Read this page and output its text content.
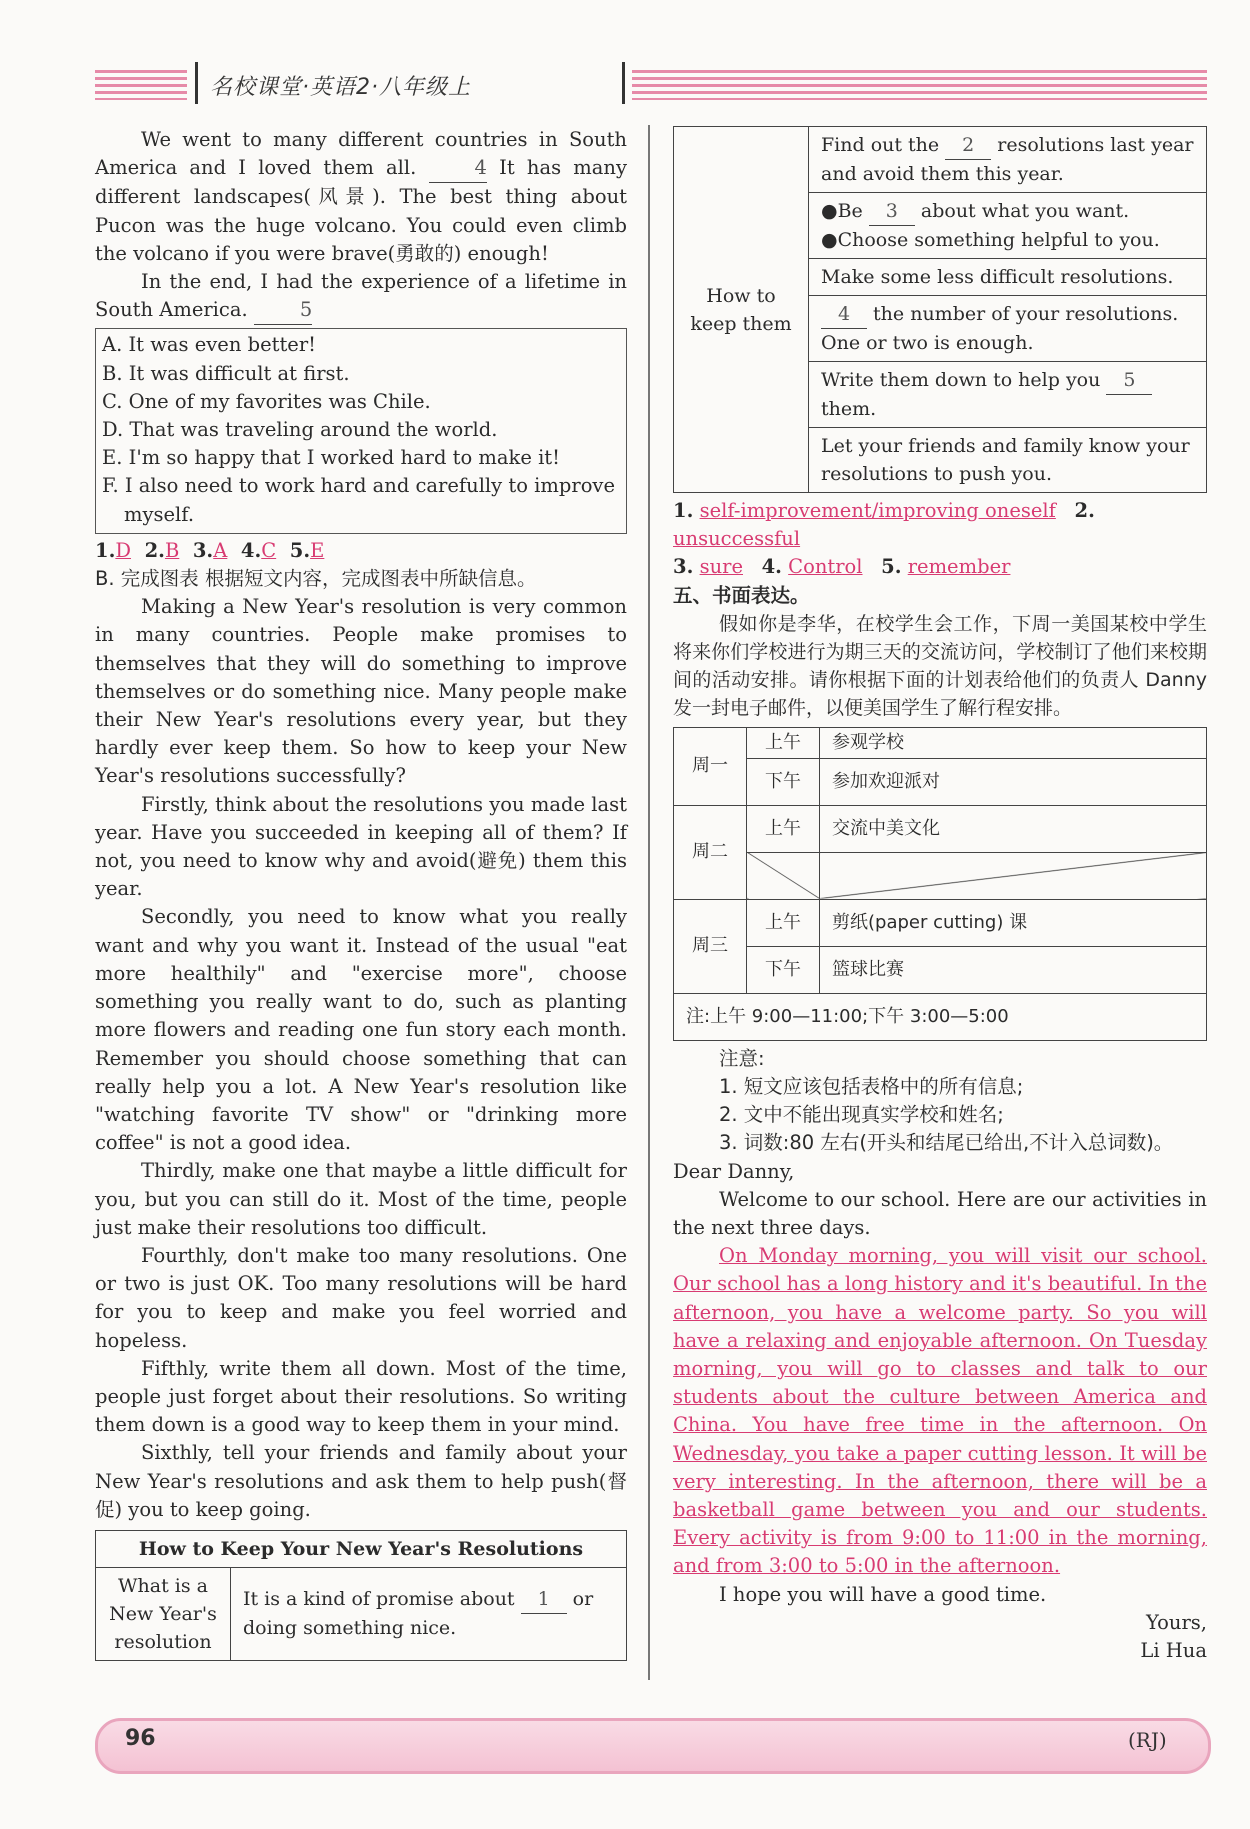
名校课堂·英语2·八年级上

We went to many different countries in South America and I loved them all.	4 It has many different landscapes(风景). The best thing about Pucon was the huge volcano. You could even climb the volcano if you were brave(勇敢的) enough!

In the end, I had the experience of a lifetime in South America.	5

A. It was even better!
B. It was difficult at first.
C. One of my favorites was Chile.
D. That was traveling around the world.
E. I'm so happy that I worked hard to make it!
F. I also need to work hard and carefully to improve myself.
1.D 2.B 3.A 4.C 5.E

B. 完成图表 根据短文内容，完成图表中所缺信息。

Making a New Year's resolution is very common in many countries. People make promises to themselves that they will do something to improve themselves or do something nice. Many people make their New Year's resolutions every year, but they hardly ever keep them. So how to keep your New Year's resolutions successfully?

Firstly, think about the resolutions you made last year. Have you succeeded in keeping all of them? If not, you need to know why and avoid(避免) them this year.

Secondly, you need to know what you really want and why you want it. Instead of the usual "eat more healthily" and "exercise more", choose something you really want to do, such as planting more flowers and reading one fun story each month. Remember you should choose something that can really help you a lot. A New Year's resolution like "watching favorite TV show" or "drinking more coffee" is not a good idea.

Thirdly, make one that maybe a little difficult for you, but you can still do it. Most of the time, people just make their resolutions too difficult.

Fourthly, don't make too many resolutions. One or two is just OK. Too many resolutions will be hard for you to keep and make you feel worried and hopeless.

Fifthly, write them all down. Most of the time, people just forget about their resolutions. So writing them down is a good way to keep them in your mind.

Sixthly, tell your friends and family about your New Year's resolutions and ask them to help push(督促) you to keep going.

How to Keep Your New Year's Resolutions
What is a New Year's resolution	It is a kind of promise about 1 or doing something nice.
How to keep them	Find out the 2 resolutions last year and avoid them this year.
●Be 3 about what you want.
●Choose something helpful to you.
Make some less difficult resolutions.
4 the number of your resolutions. One or two is enough.
Write them down to help you 5 them.
Let your friends and family know your resolutions to push you.
1. self-improvement/improving oneself 2. unsuccessful
3. sure 4. Control 5. remember

五、书面表达。

假如你是李华，在校学生会工作，下周一美国某校中学生将来你们学校进行为期三天的交流访问，学校制订了他们来校期间的活动安排。请你根据下面的计划表给他们的负责人 Danny 发一封电子邮件，以便美国学生了解行程安排。

周一	上午	参观学校
	下午	参加欢迎派对
周二	上午	交流中美文化

周三	上午	剪纸(paper cutting) 课
	下午	篮球比赛
注:上午 9:00—11:00;下午 3:00—5:00		

注意:

1. 短文应该包括表格中的所有信息;

2. 文中不能出现真实学校和姓名;

3. 词数:80 左右(开头和结尾已给出,不计入总词数)。

Dear Danny,

Welcome to our school. Here are our activities in the next three days.

On Monday morning, you will visit our school. Our school has a long history and it's beautiful. In the afternoon, you have a welcome party. So you will have a relaxing and enjoyable afternoon. On Tuesday morning, you will go to classes and talk to our students about the culture between America and China. You have free time in the afternoon. On Wednesday, you take a paper cutting lesson. It will be very interesting. In the afternoon, there will be a basketball game between you and our students. Every activity is from 9:00 to 11:00 in the morning, and from 3:00 to 5:00 in the afternoon.

I hope you will have a good time.

Yours,

Li Hua

96	(RJ)
